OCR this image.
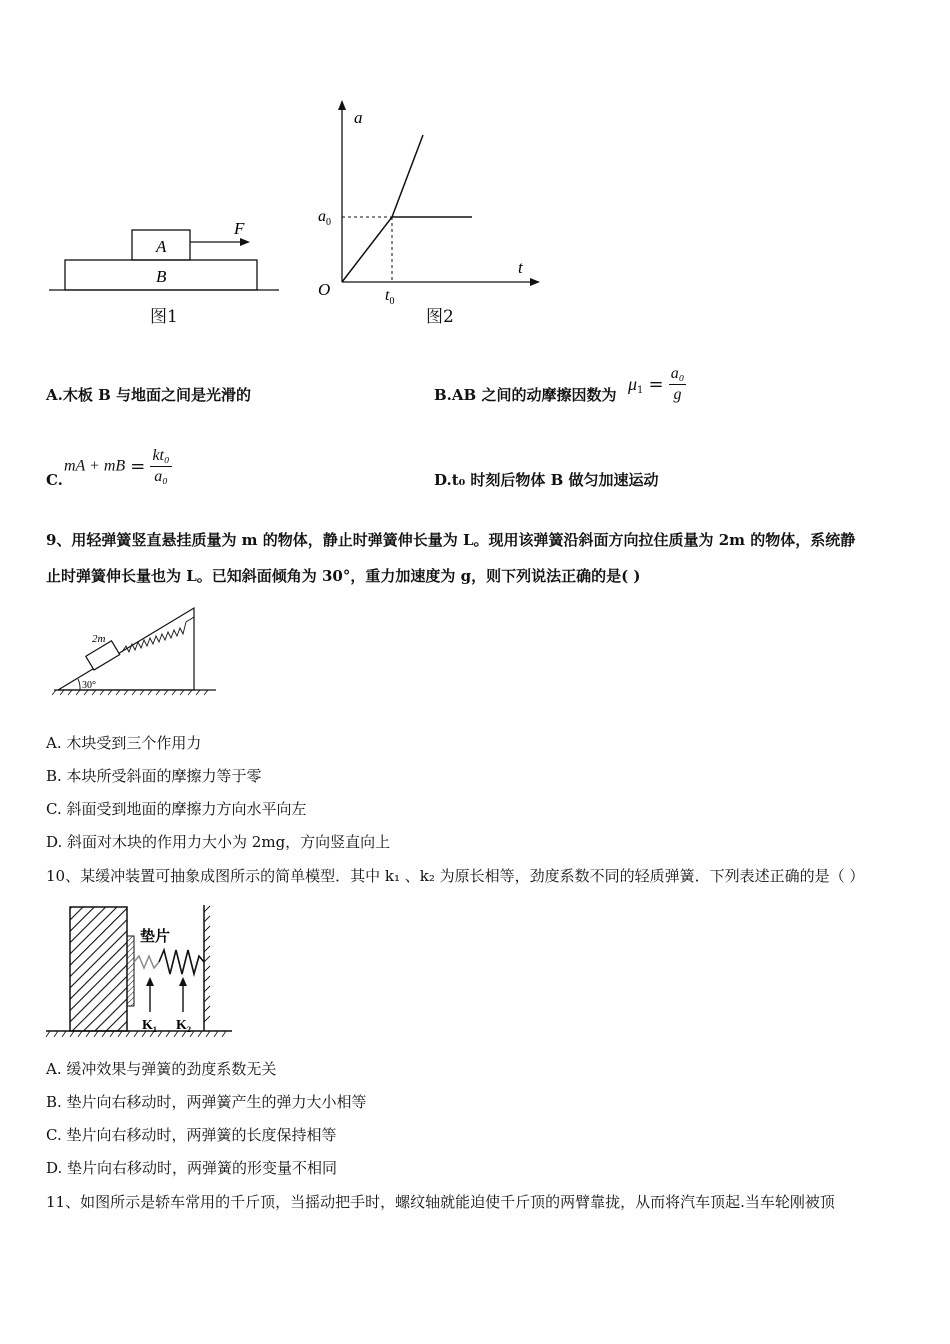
A
B
F
图1
a
t
O
$a_0$
$t_0$
图2
A.木板 B 与地面之间是光滑的	B.AB 之间的动摩擦因数为
$\mu_1 = \frac{\text{a₀}}{g}$
C.
mA + mB = $\frac{\text{kt₀}}{\text{a₀}}$	D.t₀ 时刻后物体 B 做匀加速运动
9、用轻弹簧竖直悬挂质量为 m 的物体，静止时弹簧伸长量为 L。现用该弹簧沿斜面方向拉住质量为 2m 的物体，系统静
止时弹簧伸长量也为 L。已知斜面倾角为 30°，重力加速度为 g，则下列说法正确的是( )
2m
30°
A. 木块受到三个作用力
B. 本块所受斜面的摩擦力等于零
C. 斜面受到地面的摩擦力方向水平向左
D. 斜面对木块的作用力大小为 2mg，方向竖直向上
10、某缓冲装置可抽象成图所示的简单模型．其中 k₁ 、k₂ 为原长相等，劲度系数不同的轻质弹簧．下列表述正确的是（ ）
垫片
K₁ K₂
A. 缓冲效果与弹簧的劲度系数无关
B. 垫片向右移动时，两弹簧产生的弹力大小相等
C. 垫片向右移动时，两弹簧的长度保持相等
D. 垫片向右移动时，两弹簧的形变量不相同
11、如图所示是轿车常用的千斤顶，当摇动把手时，螺纹轴就能迫使千斤顶的两臂靠拢，从而将汽车顶起.当车轮刚被顶
